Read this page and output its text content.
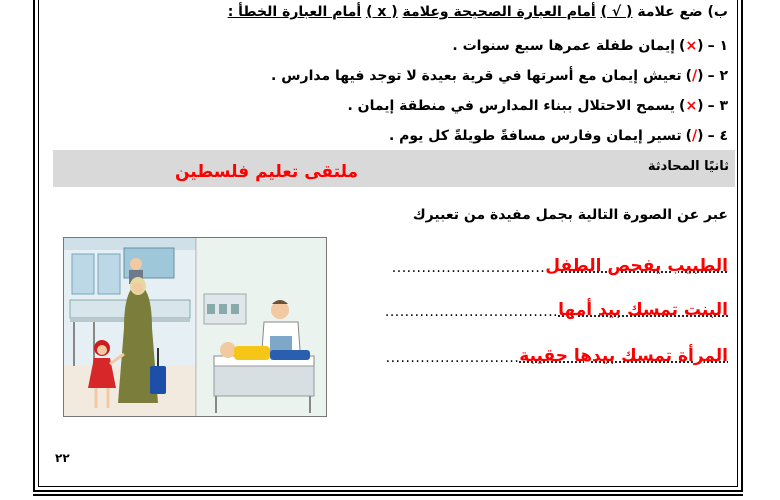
ب) ضع علامة ( √ ) أمام العبارة الصحيحة وعلامة ( x ) أمام العبارة الخطأ :
١ –
(×)
إيمان طفلة عمرها سبع سنوات .
٢ –
(/)
تعيش إيمان مع أسرتها في قرية بعيدة لا توجد فيها مدارس .
٣ –
(×)
يسمح الاحتلال ببناء المدارس في منطقة إيمان .
٤ –
(/)
تسير إيمان وفارس مسافةً طويلةً كل يوم .
ثانيًا المحادثة
ملتقى تعليم فلسطين
عبر عن الصورة التالية بجمل مفيدة من تعبيرك
الطبيب يفحص الطفل
...............................
البنت تمسك بيد أمها
...................................
المرأة تمسك بيدها حقيبة
...........................
٢٢
